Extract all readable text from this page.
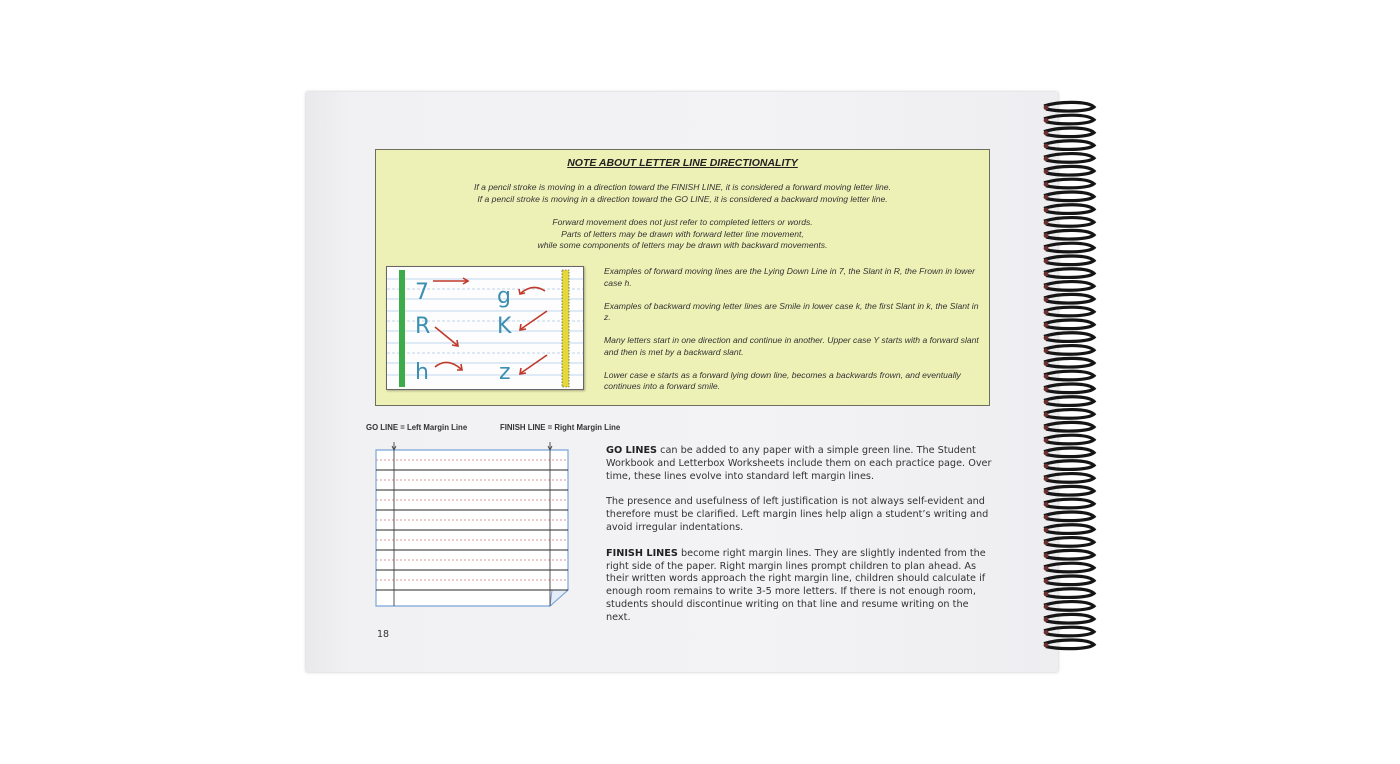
NOTE ABOUT LETTER LINE DIRECTIONALITY
If a pencil stroke is moving in a direction toward the FINISH LINE, it is considered a forward moving letter line.
If a pencil stroke is moving in a direction toward the GO LINE, it is considered a backward moving letter line.
Forward movement does not just refer to completed letters or words.
Parts of letters may be drawn with forward letter line movement,
while some components of letters may be drawn with backward movements.
7	g
R	K
h	z

Examples of forward moving lines are the Lying Down Line in 7, the Slant in R, the Frown in lower case h.

Examples of backward moving letter lines are Smile in lower case k, the first Slant in k, the Slant in z.

Many letters start in one direction and continue in another. Upper case Y starts with a forward slant and then is met by a backward slant.

Lower case e starts as a forward lying down line, becomes a backwards frown, and eventually continues into a forward smile.

GO LINE = Left Margin Line	FINISH LINE = Right Margin Line

GO LINES can be added to any paper with a simple green line. The Student Workbook and Letterbox Worksheets include them on each practice page. Over time, these lines evolve into standard left margin lines.

The presence and usefulness of left justification is not always self-evident and therefore must be clarified. Left margin lines help align a student’s writing and avoid irregular indentations.

FINISH LINES become right margin lines. They are slightly indented from the right side of the paper. Right margin lines prompt children to plan ahead. As their written words approach the right margin line, children should calculate if enough room remains to write 3-5 more letters. If there is not enough room, students should discontinue writing on that line and resume writing on the next.

18
